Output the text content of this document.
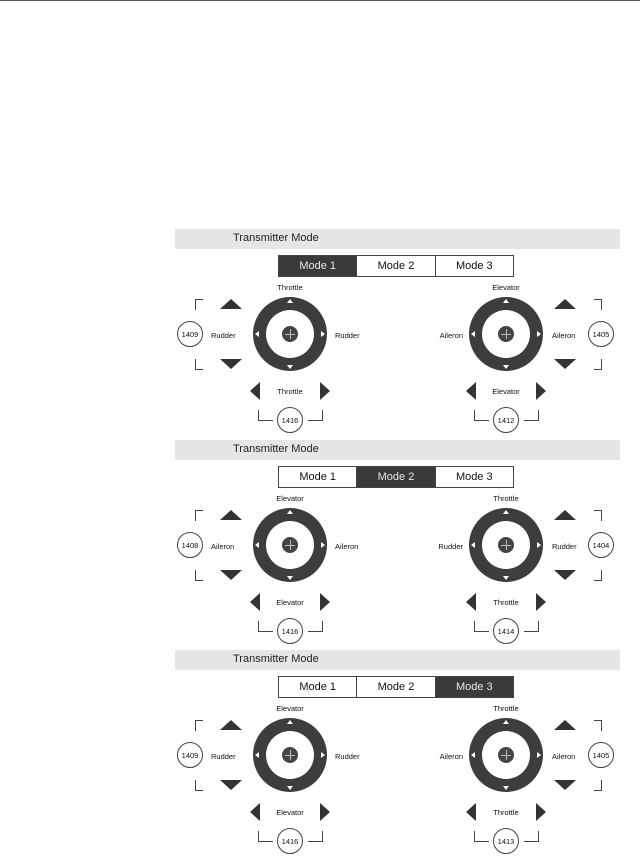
Transmitter Mode
Mode 1	Mode 2	Mode 3
Throttle
Rudder	Rudder
1409
Throttle
1416
Elevator
Aileron	Aileron	1405
Elevator
1412
Transmitter Mode
Mode 1	Mode 2	Mode 3
Elevator
Aileron	Aileron
1408
Elevator
1416
Throttle
Rudder	Rudder	1404
Throttle
1414
Transmitter Mode
Mode 1	Mode 2	Mode 3
Elevator
Rudder	Rudder
1409
Elevator
1416
Throttle
Aileron	Aileron	1405
Throttle
1413
